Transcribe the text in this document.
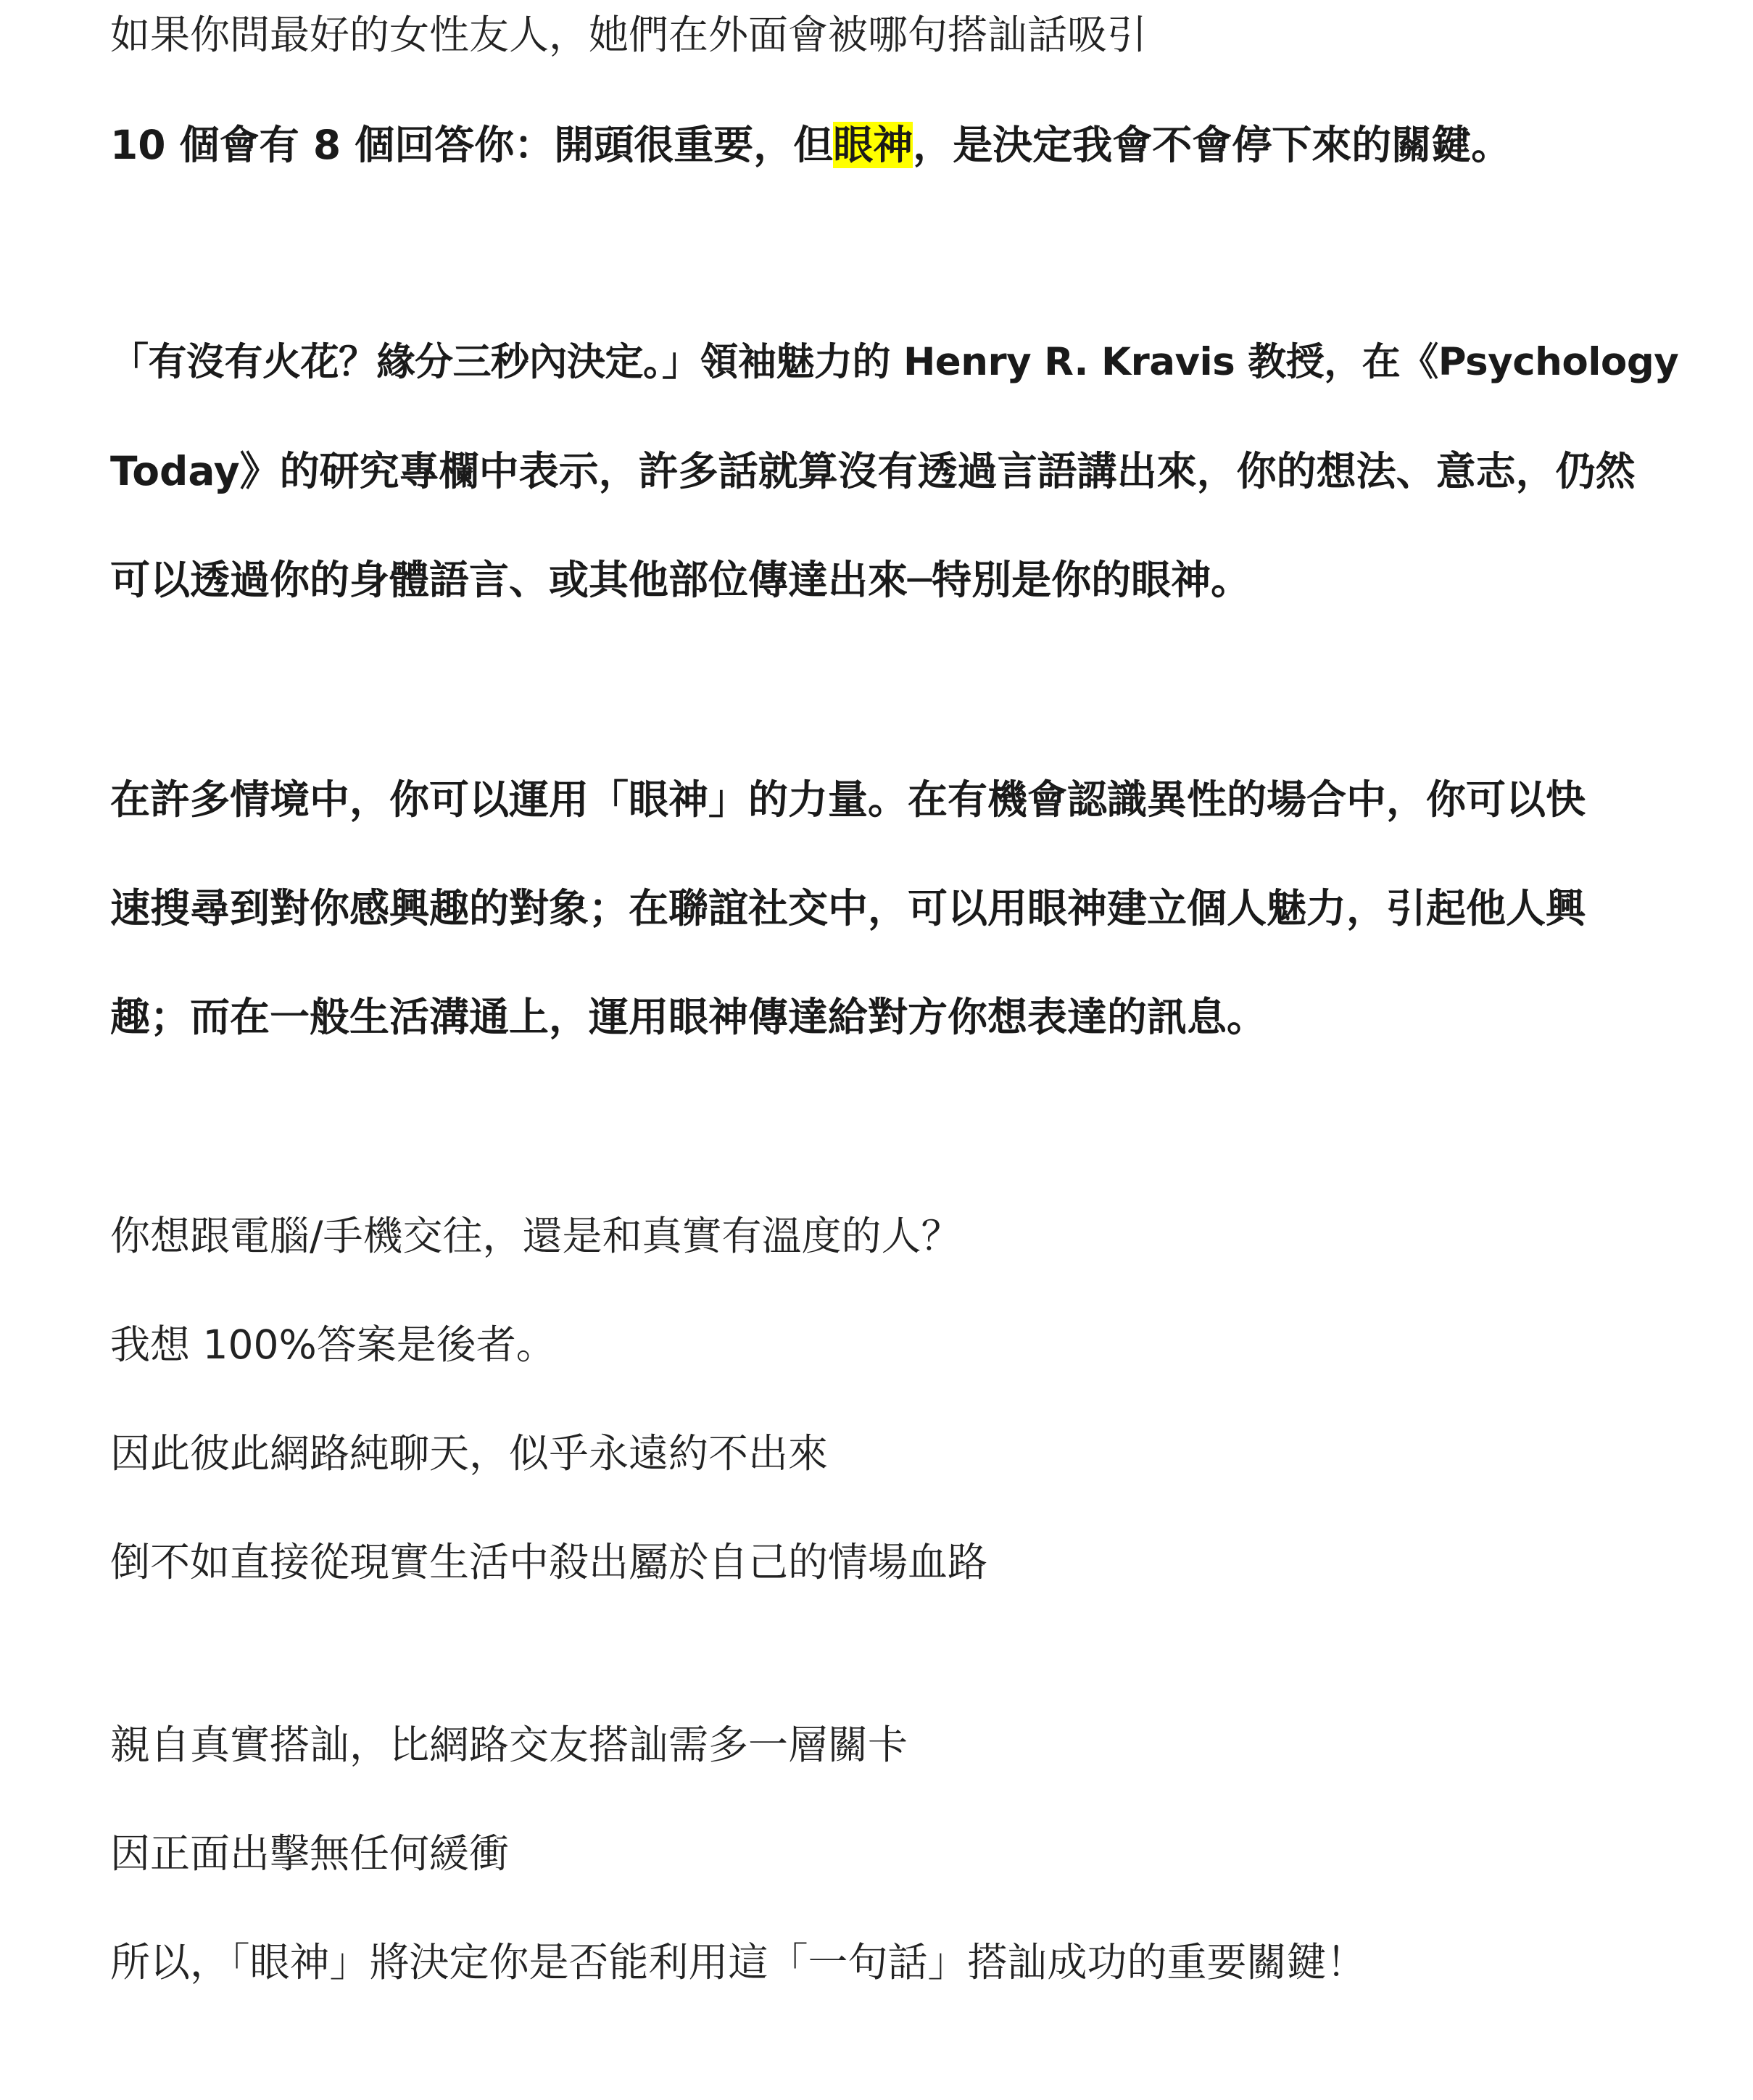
如果你問最好的女性友人，她們在外面會被哪句搭訕話吸引
10 個會有 8 個回答你：開頭很重要，但眼神，是決定我會不會停下來的關鍵。
「有沒有火花？緣分三秒內決定。」領袖魅力的 Henry R. Kravis 教授，在《Psychology
Today》的研究專欄中表示，許多話就算沒有透過言語講出來，你的想法、意志，仍然
可以透過你的身體語言、或其他部位傳達出來─特別是你的眼神。
在許多情境中，你可以運用「眼神」的力量。在有機會認識異性的場合中，你可以快
速搜尋到對你感興趣的對象；在聯誼社交中，可以用眼神建立個人魅力，引起他人興
趣；而在一般生活溝通上，運用眼神傳達給對方你想表達的訊息。
你想跟電腦/手機交往，還是和真實有溫度的人？
我想 100%答案是後者。
因此彼此網路純聊天，似乎永遠約不出來
倒不如直接從現實生活中殺出屬於自己的情場血路
親自真實搭訕，比網路交友搭訕需多一層關卡
因正面出擊無任何緩衝
所以，「眼神」將決定你是否能利用這「一句話」搭訕成功的重要關鍵！
